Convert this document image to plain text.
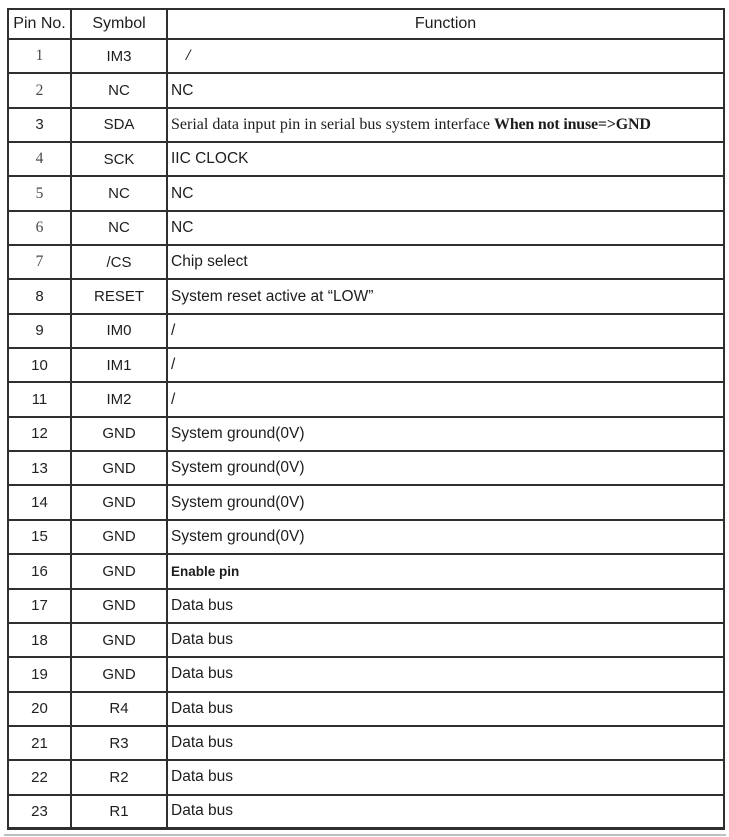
Pin No.	Symbol	Function
1	IM3	/
2	NC	NC
3	SDA	Serial data input pin in serial bus system interface When not inuse=>GND
4	SCK	IIC CLOCK
5	NC	NC
6	NC	NC
7	/CS	Chip select
8	RESET	System reset active at “LOW”
9	IM0	/
10	IM1	/
11	IM2	/
12	GND	System ground(0V)
13	GND	System ground(0V)
14	GND	System ground(0V)
15	GND	System ground(0V)
16	GND	Enable pin
17	GND	Data bus
18	GND	Data bus
19	GND	Data bus
20	R4	Data bus
21	R3	Data bus
22	R2	Data bus
23	R1	Data bus
